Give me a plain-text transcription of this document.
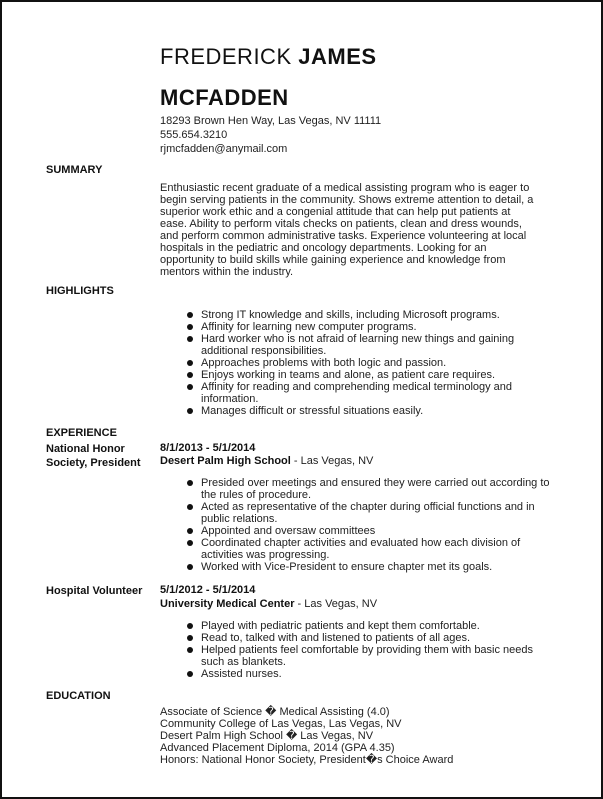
FREDERICK JAMES
MCFADDEN
18293 Brown Hen Way, Las Vegas, NV 11111
555.654.3210
rjmcfadden@anymail.com
SUMMARY
Enthusiastic recent graduate of a medical assisting program who is eager to begin serving patients in the community. Shows extreme attention to detail, a superior work ethic and a congenial attitude that can help put patients at ease. Ability to perform vitals checks on patients, clean and dress wounds, and perform common administrative tasks. Experience volunteering at local hospitals in the pediatric and oncology departments. Looking for an opportunity to build skills while gaining experience and knowledge from mentors within the industry.
HIGHLIGHTS
Strong IT knowledge and skills, including Microsoft programs.
Affinity for learning new computer programs.
Hard worker who is not afraid of learning new things and gaining additional responsibilities.
Approaches problems with both logic and passion.
Enjoys working in teams and alone, as patient care requires.
Affinity for reading and comprehending medical terminology and information.
Manages difficult or stressful situations easily.
EXPERIENCE
National Honor Society, President
8/1/2013 - 5/1/2014
Desert Palm High School - Las Vegas, NV
Presided over meetings and ensured they were carried out according to the rules of procedure.
Acted as representative of the chapter during official functions and in public relations.
Appointed and oversaw committees
Coordinated chapter activities and evaluated how each division of activities was progressing.
Worked with Vice-President to ensure chapter met its goals.
Hospital Volunteer	5/1/2012 - 5/1/2014
University Medical Center - Las Vegas, NV
Played with pediatric patients and kept them comfortable.
Read to, talked with and listened to patients of all ages.
Helped patients feel comfortable by providing them with basic needs such as blankets.
Assisted nurses.
EDUCATION
Associate of Science � Medical Assisting (4.0)
Community College of Las Vegas, Las Vegas, NV
Desert Palm High School � Las Vegas, NV
Advanced Placement Diploma, 2014 (GPA 4.35)
Honors: National Honor Society, President�s Choice Award
